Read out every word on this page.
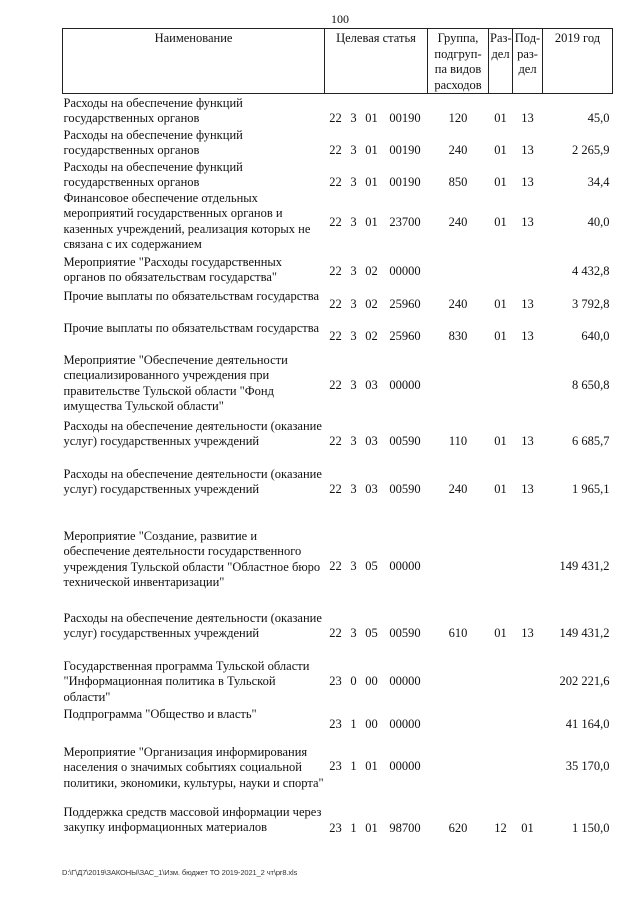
100
Наименование	Целевая статья				Группа, подгруп-па видов расходов	Раз-дел	Под-раз-дел	2019 год
Расходы на обеспечение функций государственных органов	22	3	01	00190	120	01	13	45,0
Расходы на обеспечение функций государственных органов	22	3	01	00190	240	01	13	2 265,9
Расходы на обеспечение функций государственных органов	22	3	01	00190	850	01	13	34,4
Финансовое обеспечение отдельных мероприятий государственных органов и казенных учреждений, реализация которых не связана с их содержанием	22	3	01	23700	240	01	13	40,0
Мероприятие "Расходы государственных органов по обязательствам государства"	22	3	02	00000				4 432,8
Прочие выплаты по обязательствам государства	22	3	02	25960	240	01	13	3 792,8
Прочие выплаты по обязательствам государства	22	3	02	25960	830	01	13	640,0
Мероприятие "Обеспечение деятельности специализированного учреждения при правительстве Тульской области "Фонд имущества Тульской области"	22	3	03	00000				8 650,8
Расходы на обеспечение деятельности (оказание услуг) государственных учреждений	22	3	03	00590	110	01	13	6 685,7
Расходы на обеспечение деятельности (оказание услуг) государственных учреждений	22	3	03	00590	240	01	13	1 965,1
Мероприятие "Создание, развитие и обеспечение деятельности государственного учреждения Тульской области "Областное бюро технической инвентаризации"	22	3	05	00000				149 431,2
Расходы на обеспечение деятельности (оказание услуг) государственных учреждений	22	3	05	00590	610	01	13	149 431,2
Государственная программа Тульской области "Информационная политика в Тульской области"	23	0	00	00000				202 221,6
Подпрограмма "Общество и власть"	23	1	00	00000				41 164,0
Мероприятие "Организация информирования населения о значимых событиях социальной политики, экономики, культуры, науки и спорта"	23	1	01	00000				35 170,0
Поддержка средств массовой информации через закупку информационных материалов	23	1	01	98700	620	12	01	1 150,0
D:\Г\Д7\2019\ЗАКОНЫ\ЗАС_1\Изм. бюджет ТО 2019-2021_2 чт\pr8.xls
